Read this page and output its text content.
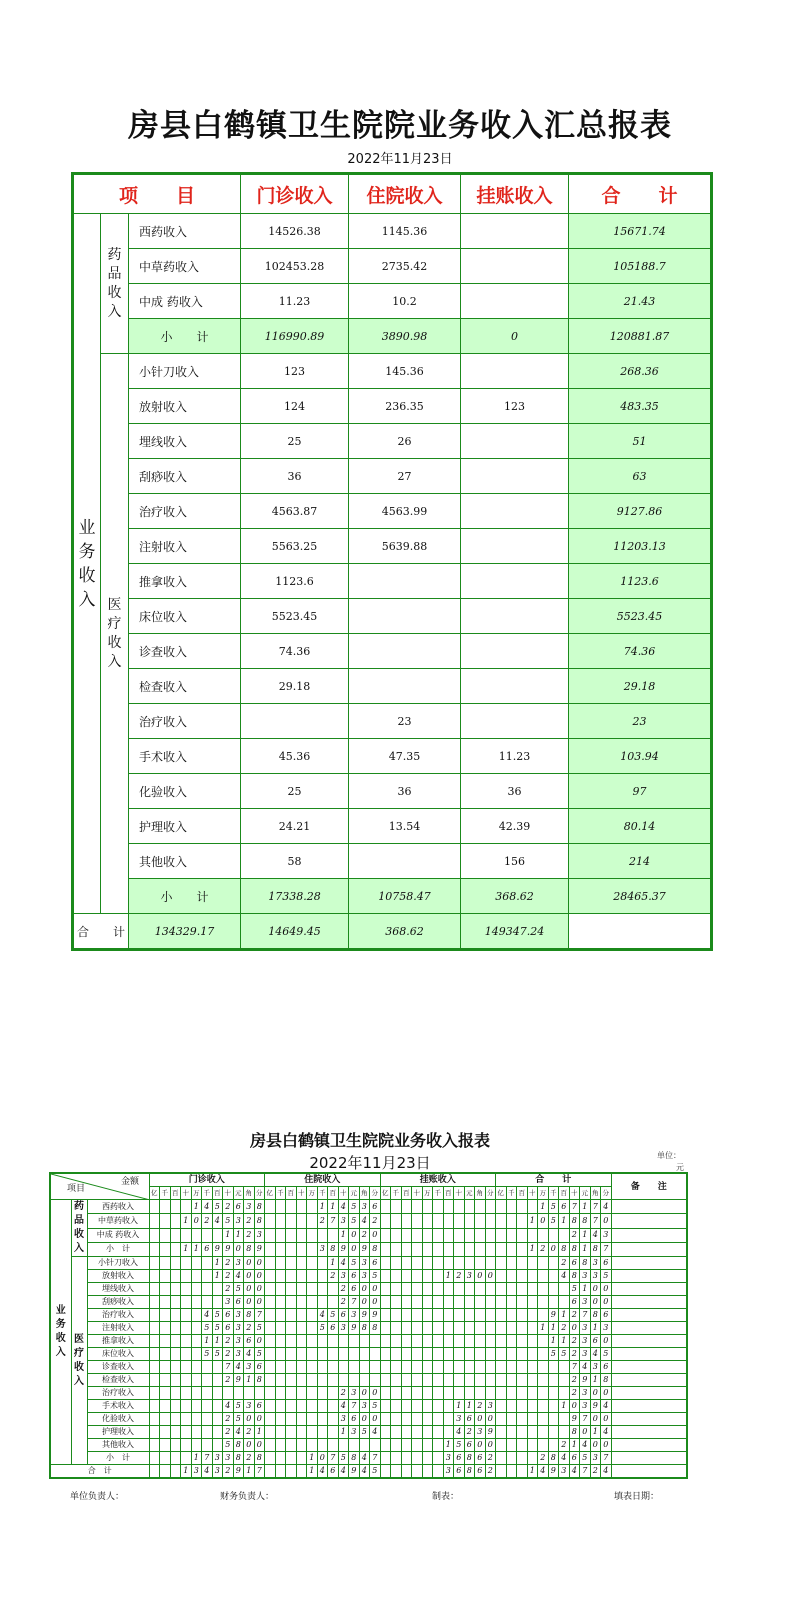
房县白鹤镇卫生院院业务收入汇总报表
2022年11月23日
项　　目			门诊收入	住院收入	挂账收入	合　　计
业务收入	药品收入	西药收入	14526.38	1145.36		15671.74
		中草药收入	102453.28	2735.42		105188.7
		中成 药收入	11.23	10.2		21.43
		小　　计	116990.89	3890.98	0	120881.87
	医疗收入	小针刀收入	123	145.36		268.36
		放射收入	124	236.35	123	483.35
		埋线收入	25	26		51
		刮痧收入	36	27		63
		治疗收入	4563.87	4563.99		9127.86
		注射收入	5563.25	5639.88		11203.13
		推拿收入	1123.6			1123.6
		床位收入	5523.45			5523.45
		诊查收入	74.36			74.36
		检查收入	29.18			29.18
		治疗收入		23		23
		手术收入	45.36	47.35	11.23	103.94
		化验收入	25	36	36	97
		护理收入	24.21	13.54	42.39	80.14
		其他收入	58		156	214
		小　　计	17338.28	10758.47	368.62	28465.37
合　　计		134329.17	14649.45	368.62	149347.24	
房县白鹤镇卫生院院业务收入报表
2022年11月23日	单位：
元
项目
金额			门诊收入											住院收入											挂账收入											合　　计											备　　注
			亿	千	百	十	万	千	百	十	元	角	分	亿	千	百	十	万	千	百	十	元	角	分	亿	千	百	十	万	千	百	十	元	角	分	亿	千	百	十	万	千	百	十	元	角	分	
业务收入	药品收入	西药收入					1	4	5	2	6	3	8						1	1	4	5	3	6																1	5	6	7	1	7	4	
		中草药收入				1	0	2	4	5	3	2	8						2	7	3	5	4	2															1	0	5	1	8	8	7	0	
		中成 药收入								1	1	2	3								1	0	2	0																			2	1	4	3	
		小　计				1	1	6	9	9	0	8	9						3	8	9	0	9	8															1	2	0	8	8	1	8	7	
	医疗收入	小针刀收入							1	2	3	0	0							1	4	5	3	6																		2	6	8	3	6	
		放射收入							1	2	4	0	0							2	3	6	3	5							1	2	3	0	0							4	8	3	3	5	
		埋线收入								2	5	0	0								2	6	0	0																			5	1	0	0	
		刮痧收入								3	6	0	0								2	7	0	0																			6	3	0	0	
		治疗收入						4	5	6	3	8	7						4	5	6	3	9	9																	9	1	2	7	8	6	
		注射收入						5	5	6	3	2	5						5	6	3	9	8	8																1	1	2	0	3	1	3	
		推拿收入						1	1	2	3	6	0																												1	1	2	3	6	0	
		床位收入						5	5	2	3	4	5																												5	5	2	3	4	5	
		诊查收入								7	4	3	6																														7	4	3	6	
		检查收入								2	9	1	8																														2	9	1	8	
		治疗收入																			2	3	0	0																			2	3	0	0	
		手术收入								4	5	3	6								4	7	3	5								1	1	2	3							1	0	3	9	4	
		化验收入								2	5	0	0								3	6	0	0								3	6	0	0								9	7	0	0	
		护理收入								2	4	2	1								1	3	5	4								4	2	3	9								8	0	1	4	
		其他收入								5	8	0	0																		1	5	6	0	0							2	1	4	0	0	
		小　计					1	7	3	3	8	2	8					1	0	7	5	8	4	7							3	6	8	6	2					2	8	4	6	5	3	7	
合　计						1	3	4	3	2	9	1	7					1	4	6	4	9	4	5							3	6	8	6	2				1	4	9	3	4	7	2	4	
单位负责人：	财务负责人：	制表：	填表日期：
